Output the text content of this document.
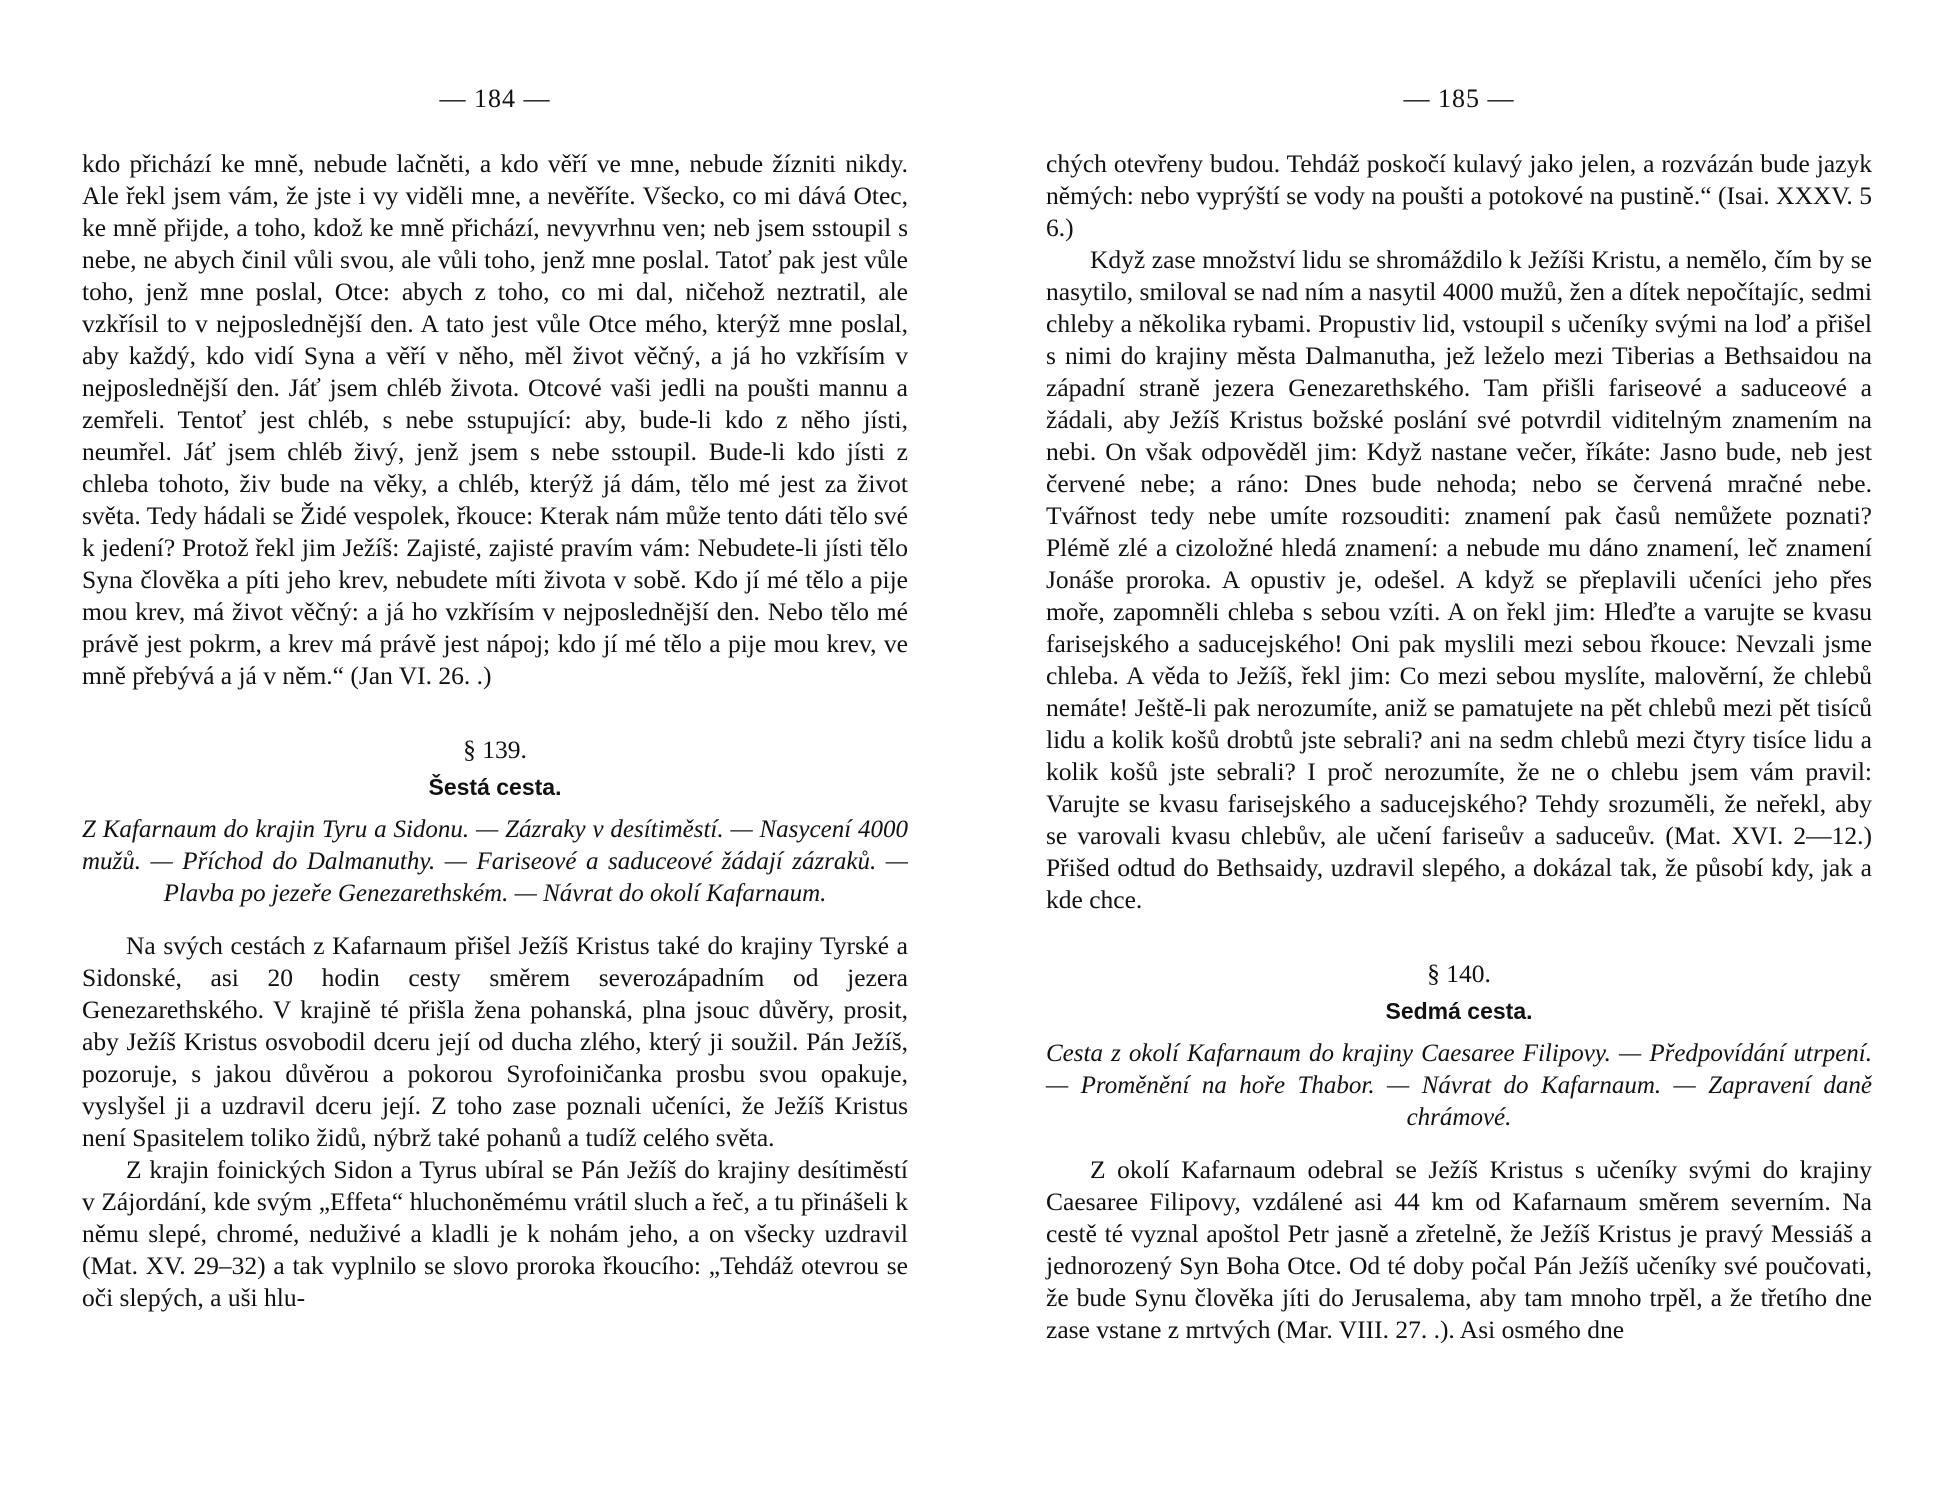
— 184 —

kdo přichází ke mně, nebude lačněti, a kdo věří ve mne, nebude žízniti nikdy. Ale řekl jsem vám, že jste i vy viděli mne, a nevěříte. Všecko, co mi dává Otec, ke mně přijde, a toho, kdož ke mně přichází, nevyvrhnu ven; neb jsem sstoupil s nebe, ne abych činil vůli svou, ale vůli toho, jenž mne poslal. Tatoť pak jest vůle toho, jenž mne poslal, Otce: abych z toho, co mi dal, ničehož neztratil, ale vzkřísil to v nejposlednější den. A tato jest vůle Otce mého, kterýž mne poslal, aby každý, kdo vidí Syna a věří v něho, měl život věčný, a já ho vzkřísím v nejposlednější den. Jáť jsem chléb života. Otcové vaši jedli na poušti mannu a zemřeli. Tentoť jest chléb, s nebe sstupující: aby, bude-li kdo z něho jísti, neumřel. Jáť jsem chléb živý, jenž jsem s nebe sstoupil. Bude-li kdo jísti z chleba tohoto, živ bude na věky, a chléb, kterýž já dám, tělo mé jest za život světa. Tedy hádali se Židé vespolek, řkouce: Kterak nám může tento dáti tělo své k jedení? Protož řekl jim Ježíš: Zajisté, zajisté pravím vám: Nebudete-li jísti tělo Syna člověka a píti jeho krev, nebudete míti života v sobě. Kdo jí mé tělo a pije mou krev, má život věčný: a já ho vzkřísím v nejposlednější den. Nebo tělo mé právě jest pokrm, a krev má právě jest nápoj; kdo jí mé tělo a pije mou krev, ve mně přebývá a já v něm.“ (Jan VI. 26. .)

§ 139.
Šestá cesta.
Z Kafarnaum do krajin Tyru a Sidonu. — Zázraky v desítiměstí. — Nasycení 4000 mužů. — Příchod do Dalmanuthy. — Fariseové a saduceové žádají zázraků. — Plavba po jezeře Genezarethském. — Návrat do okolí Kafarnaum.

Na svých cestách z Kafarnaum přišel Ježíš Kristus také do krajiny Tyrské a Sidonské, asi 20 hodin cesty směrem severozápadním od jezera Genezarethského. V krajině té přišla žena pohanská, plna jsouc důvěry, prosit, aby Ježíš Kristus osvobodil dceru její od ducha zlého, který ji soužil. Pán Ježíš, pozoruje, s jakou důvěrou a pokorou Syrofoiničanka prosbu svou opakuje, vyslyšel ji a uzdravil dceru její. Z toho zase poznali učeníci, že Ježíš Kristus není Spasitelem toliko židů, nýbrž také pohanů a tudíž celého světa.

Z krajin foinických Sidon a Tyrus ubíral se Pán Ježíš do krajiny desítiměstí v Zájordání, kde svým „Effeta“ hluchoněmému vrátil sluch a řeč, a tu přinášeli k němu slepé, chromé, neduživé a kladli je k nohám jeho, a on všecky uzdravil (Mat. XV. 29–32) a tak vyplnilo se slovo proroka řkoucího: „Tehdáž otevrou se oči slepých, a uši hlu-

— 185 —

chých otevřeny budou. Tehdáž poskočí kulavý jako jelen, a rozvázán bude jazyk němých: nebo vyprýští se vody na poušti a potokové na pustině.“ (Isai. XXXV. 5 6.)

Když zase množství lidu se shromáždilo k Ježíši Kristu, a nemělo, čím by se nasytilo, smiloval se nad ním a nasytil 4000 mužů, žen a dítek nepočítajíc, sedmi chleby a několika rybami. Propustiv lid, vstoupil s učeníky svými na loď a přišel s nimi do krajiny města Dalmanutha, jež leželo mezi Tiberias a Bethsaidou na západní straně jezera Genezarethského. Tam přišli fariseové a saduceové a žádali, aby Ježíš Kristus božské poslání své potvrdil viditelným znamením na nebi. On však odpověděl jim: Když nastane večer, říkáte: Jasno bude, neb jest červené nebe; a ráno: Dnes bude nehoda; nebo se červená mračné nebe. Tvářnost tedy nebe umíte rozsouditi: znamení pak časů nemůžete poznati? Plémě zlé a cizoložné hledá znamení: a nebude mu dáno znamení, leč znamení Jonáše proroka. A opustiv je, odešel. A když se přeplavili učeníci jeho přes moře, zapomněli chleba s sebou vzíti. A on řekl jim: Hleďte a varujte se kvasu farisejského a saducejského! Oni pak myslili mezi sebou řkouce: Nevzali jsme chleba. A věda to Ježíš, řekl jim: Co mezi sebou myslíte, malověrní, že chlebů nemáte! Ještě-li pak nerozumíte, aniž se pamatujete na pět chlebů mezi pět tisíců lidu a kolik košů drobtů jste sebrali? ani na sedm chlebů mezi čtyry tisíce lidu a kolik košů jste sebrali? I proč nerozumíte, že ne o chlebu jsem vám pravil: Varujte se kvasu farisejského a saducejského? Tehdy srozuměli, že neřekl, aby se varovali kvasu chlebův, ale učení fariseův a saduceův. (Mat. XVI. 2—12.) Přišed odtud do Bethsaidy, uzdravil slepého, a dokázal tak, že působí kdy, jak a kde chce.

§ 140.
Sedmá cesta.
Cesta z okolí Kafarnaum do krajiny Caesaree Filipovy. — Předpovídání utrpení. — Proměnění na hoře Thabor. — Návrat do Kafarnaum. — Zapravení daně chrámové.

Z okolí Kafarnaum odebral se Ježíš Kristus s učeníky svými do krajiny Caesaree Filipovy, vzdálené asi 44 km od Kafarnaum směrem severním. Na cestě té vyznal apoštol Petr jasně a zřetelně, že Ježíš Kristus je pravý Messiáš a jednorozený Syn Boha Otce. Od té doby počal Pán Ježíš učeníky své poučovati, že bude Synu člověka jíti do Jerusalema, aby tam mnoho trpěl, a že třetího dne zase vstane z mrtvých (Mar. VIII. 27. .). Asi osmého dne
